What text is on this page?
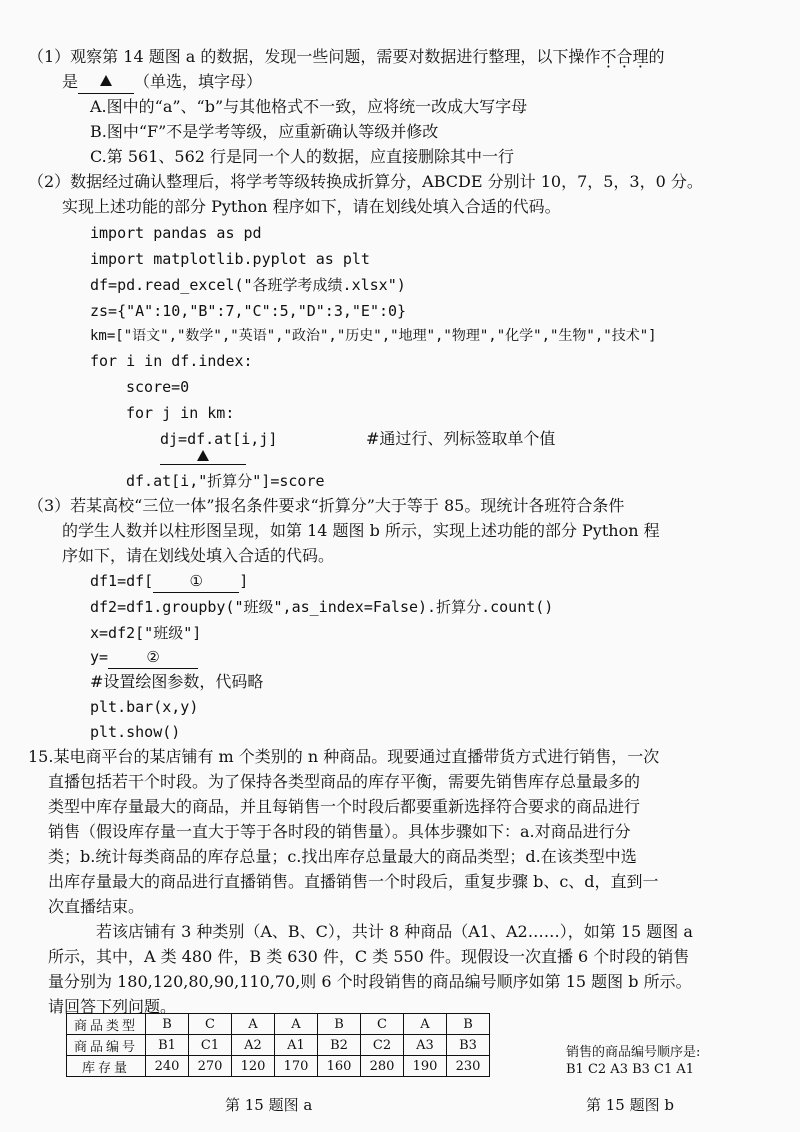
（1）观察第 14 题图 a 的数据，发现一些问题，需要对数据进行整理，以下操作不合理的
是	（单选，填字母）
A.图中的“a”、“b”与其他格式不一致，应将统一改成大写字母
B.图中“F”不是学考等级，应重新确认等级并修改
C.第 561、562 行是同一个人的数据，应直接删除其中一行
（2）数据经过确认整理后，将学考等级转换成折算分，ABCDE 分别计 10，7，5，3，0 分。
实现上述功能的部分 Python 程序如下，请在划线处填入合适的代码。
import pandas as pd
import matplotlib.pyplot as plt
df=pd.read_excel("各班学考成绩.xlsx")
zs={"A":10,"B":7,"C":5,"D":3,"E":0}
km=["语文","数学","英语","政治","历史","地理","物理","化学","生物","技术"]
for i in df.index:
score=0
for j in km:
dj=df.at[i,j]	#通过行、列标签取单个值
df.at[i,"折算分"]=score
（3）若某高校“三位一体”报名条件要求“折算分”大于等于 85。现统计各班符合条件
的学生人数并以柱形图呈现，如第 14 题图 b 所示，实现上述功能的部分 Python 程
序如下，请在划线处填入合适的代码。
df1=df[ ① ]
df2=df1.groupby("班级",as_index=False).折算分.count()
x=df2["班级"]
y=	②
#设置绘图参数，代码略
plt.bar(x,y)
plt.show()
15.某电商平台的某店铺有 m 个类别的 n 种商品。现要通过直播带货方式进行销售，一次
直播包括若干个时段。为了保持各类型商品的库存平衡，需要先销售库存总量最多的
类型中库存量最大的商品，并且每销售一个时段后都要重新选择符合要求的商品进行
销售（假设库存量一直大于等于各时段的销售量）。具体步骤如下：a.对商品进行分
类；b.统计每类商品的库存总量；c.找出库存总量最大的商品类型；d.在该类型中选
出库存量最大的商品进行直播销售。直播销售一个时段后，重复步骤 b、c、d，直到一
次直播结束。
若该店铺有 3 种类别（A、B、C），共计 8 种商品（A1、A2……），如第 15 题图 a
所示，其中，A 类 480 件，B 类 630 件，C 类 550 件。现假设一次直播 6 个时段的销售
量分别为 180,120,80,90,110,70,则 6 个时段销售的商品编号顺序如第 15 题图 b 所示。
请回答下列问题。
商品类型	B	C	A	A	B	C	A	B
商品编号	B1	C1	A2	A1	B2	C2	A3	B3
库存量	240	270	120	170	160	280	190	230
销售的商品编号顺序是:
B1 C2 A3 B3 C1 A1
第 15 题图 a	第 15 题图 b
